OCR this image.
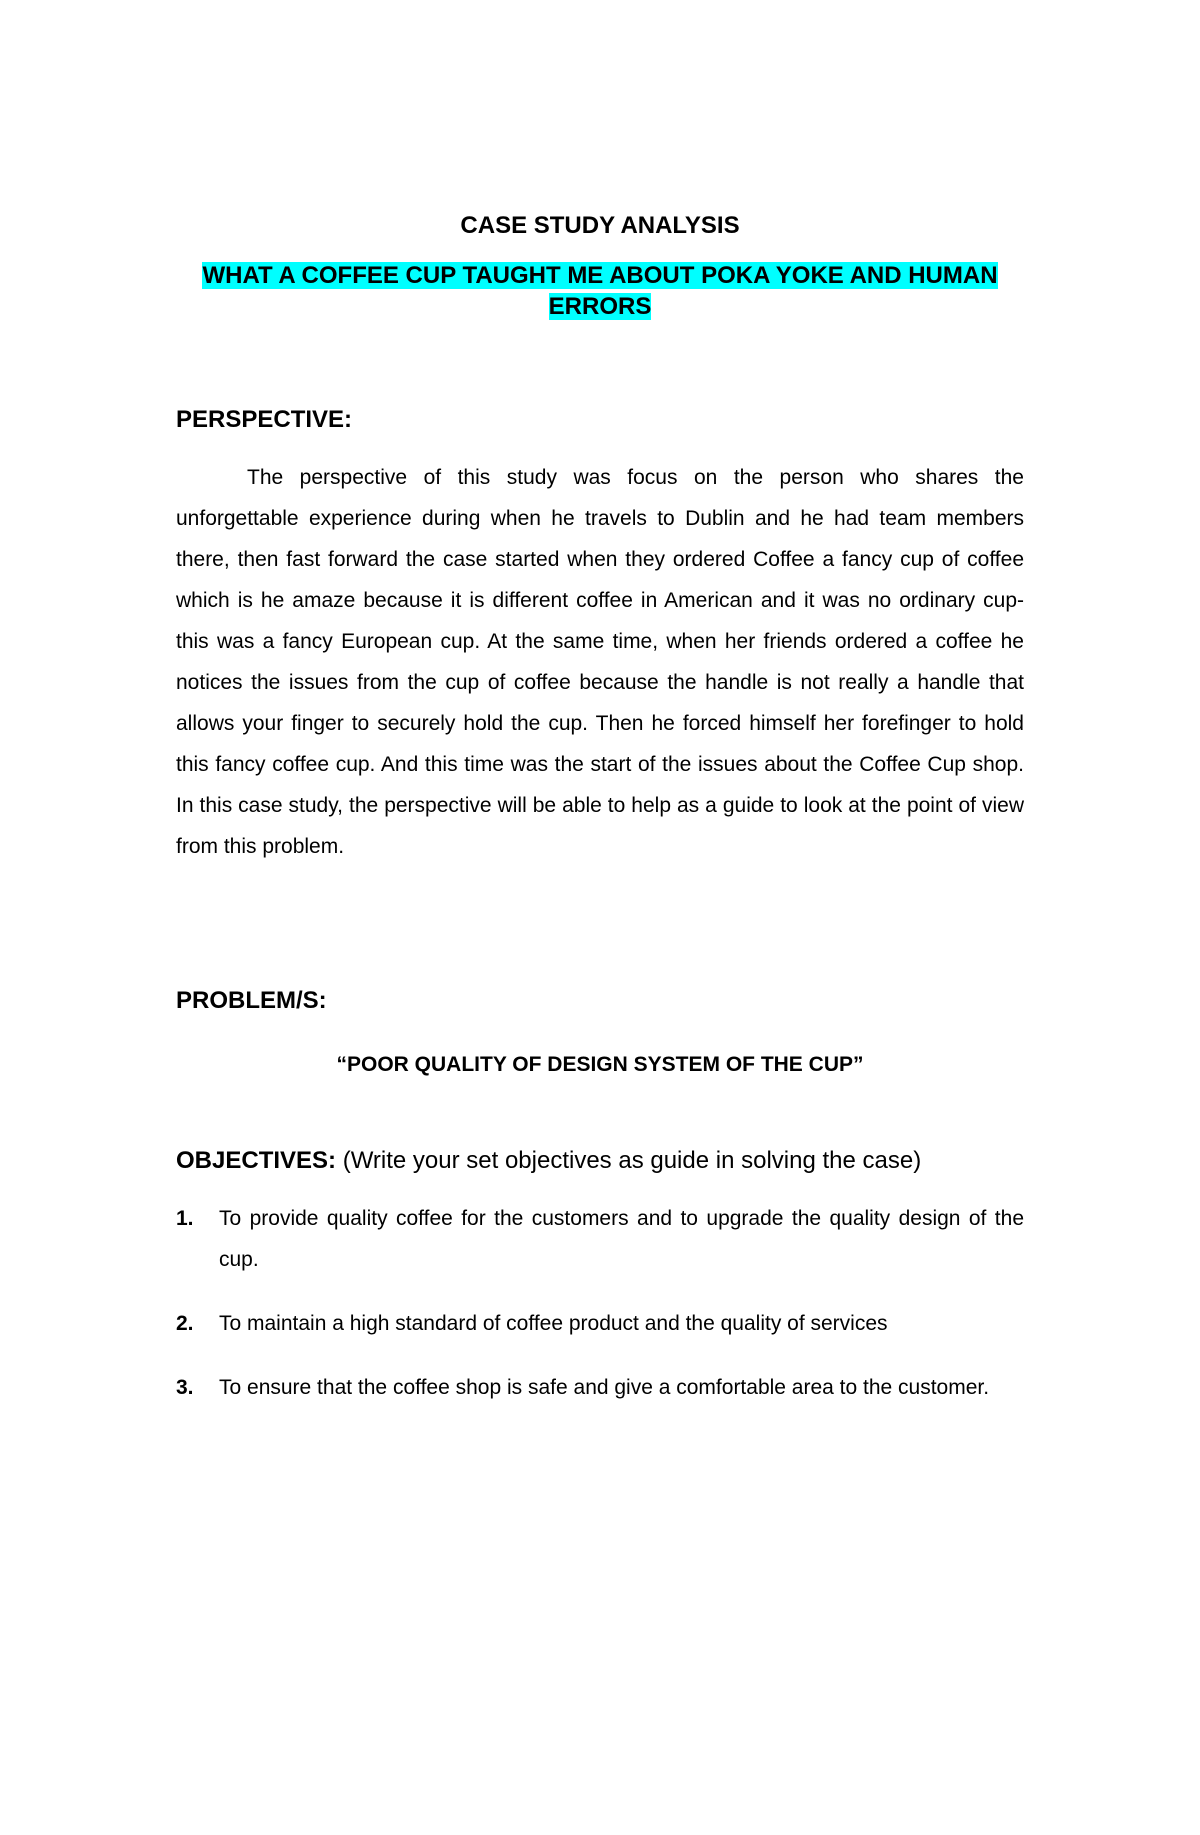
CASE STUDY ANALYSIS
WHAT A COFFEE CUP TAUGHT ME ABOUT POKA YOKE AND HUMAN ERRORS
PERSPECTIVE:

The perspective of this study was focus on the person who shares the unforgettable experience during when he travels to Dublin and he had team members there, then fast forward the case started when they ordered Coffee a fancy cup of coffee which is he amaze because it is different coffee in American and it was no ordinary cup- this was a fancy European cup. At the same time, when her friends ordered a coffee he notices the issues from the cup of coffee because the handle is not really a handle that allows your finger to securely hold the cup. Then he forced himself her forefinger to hold this fancy coffee cup. And this time was the start of the issues about the Coffee Cup shop. In this case study, the perspective will be able to help as a guide to look at the point of view from this problem.

PROBLEM/S:

“POOR QUALITY OF DESIGN SYSTEM OF THE CUP”

OBJECTIVES: (Write your set objectives as guide in solving the case)
1.	To provide quality coffee for the customers and to upgrade the quality design of the cup.
2.	To maintain a high standard of coffee product and the quality of services
3.	To ensure that the coffee shop is safe and give a comfortable area to the customer.
